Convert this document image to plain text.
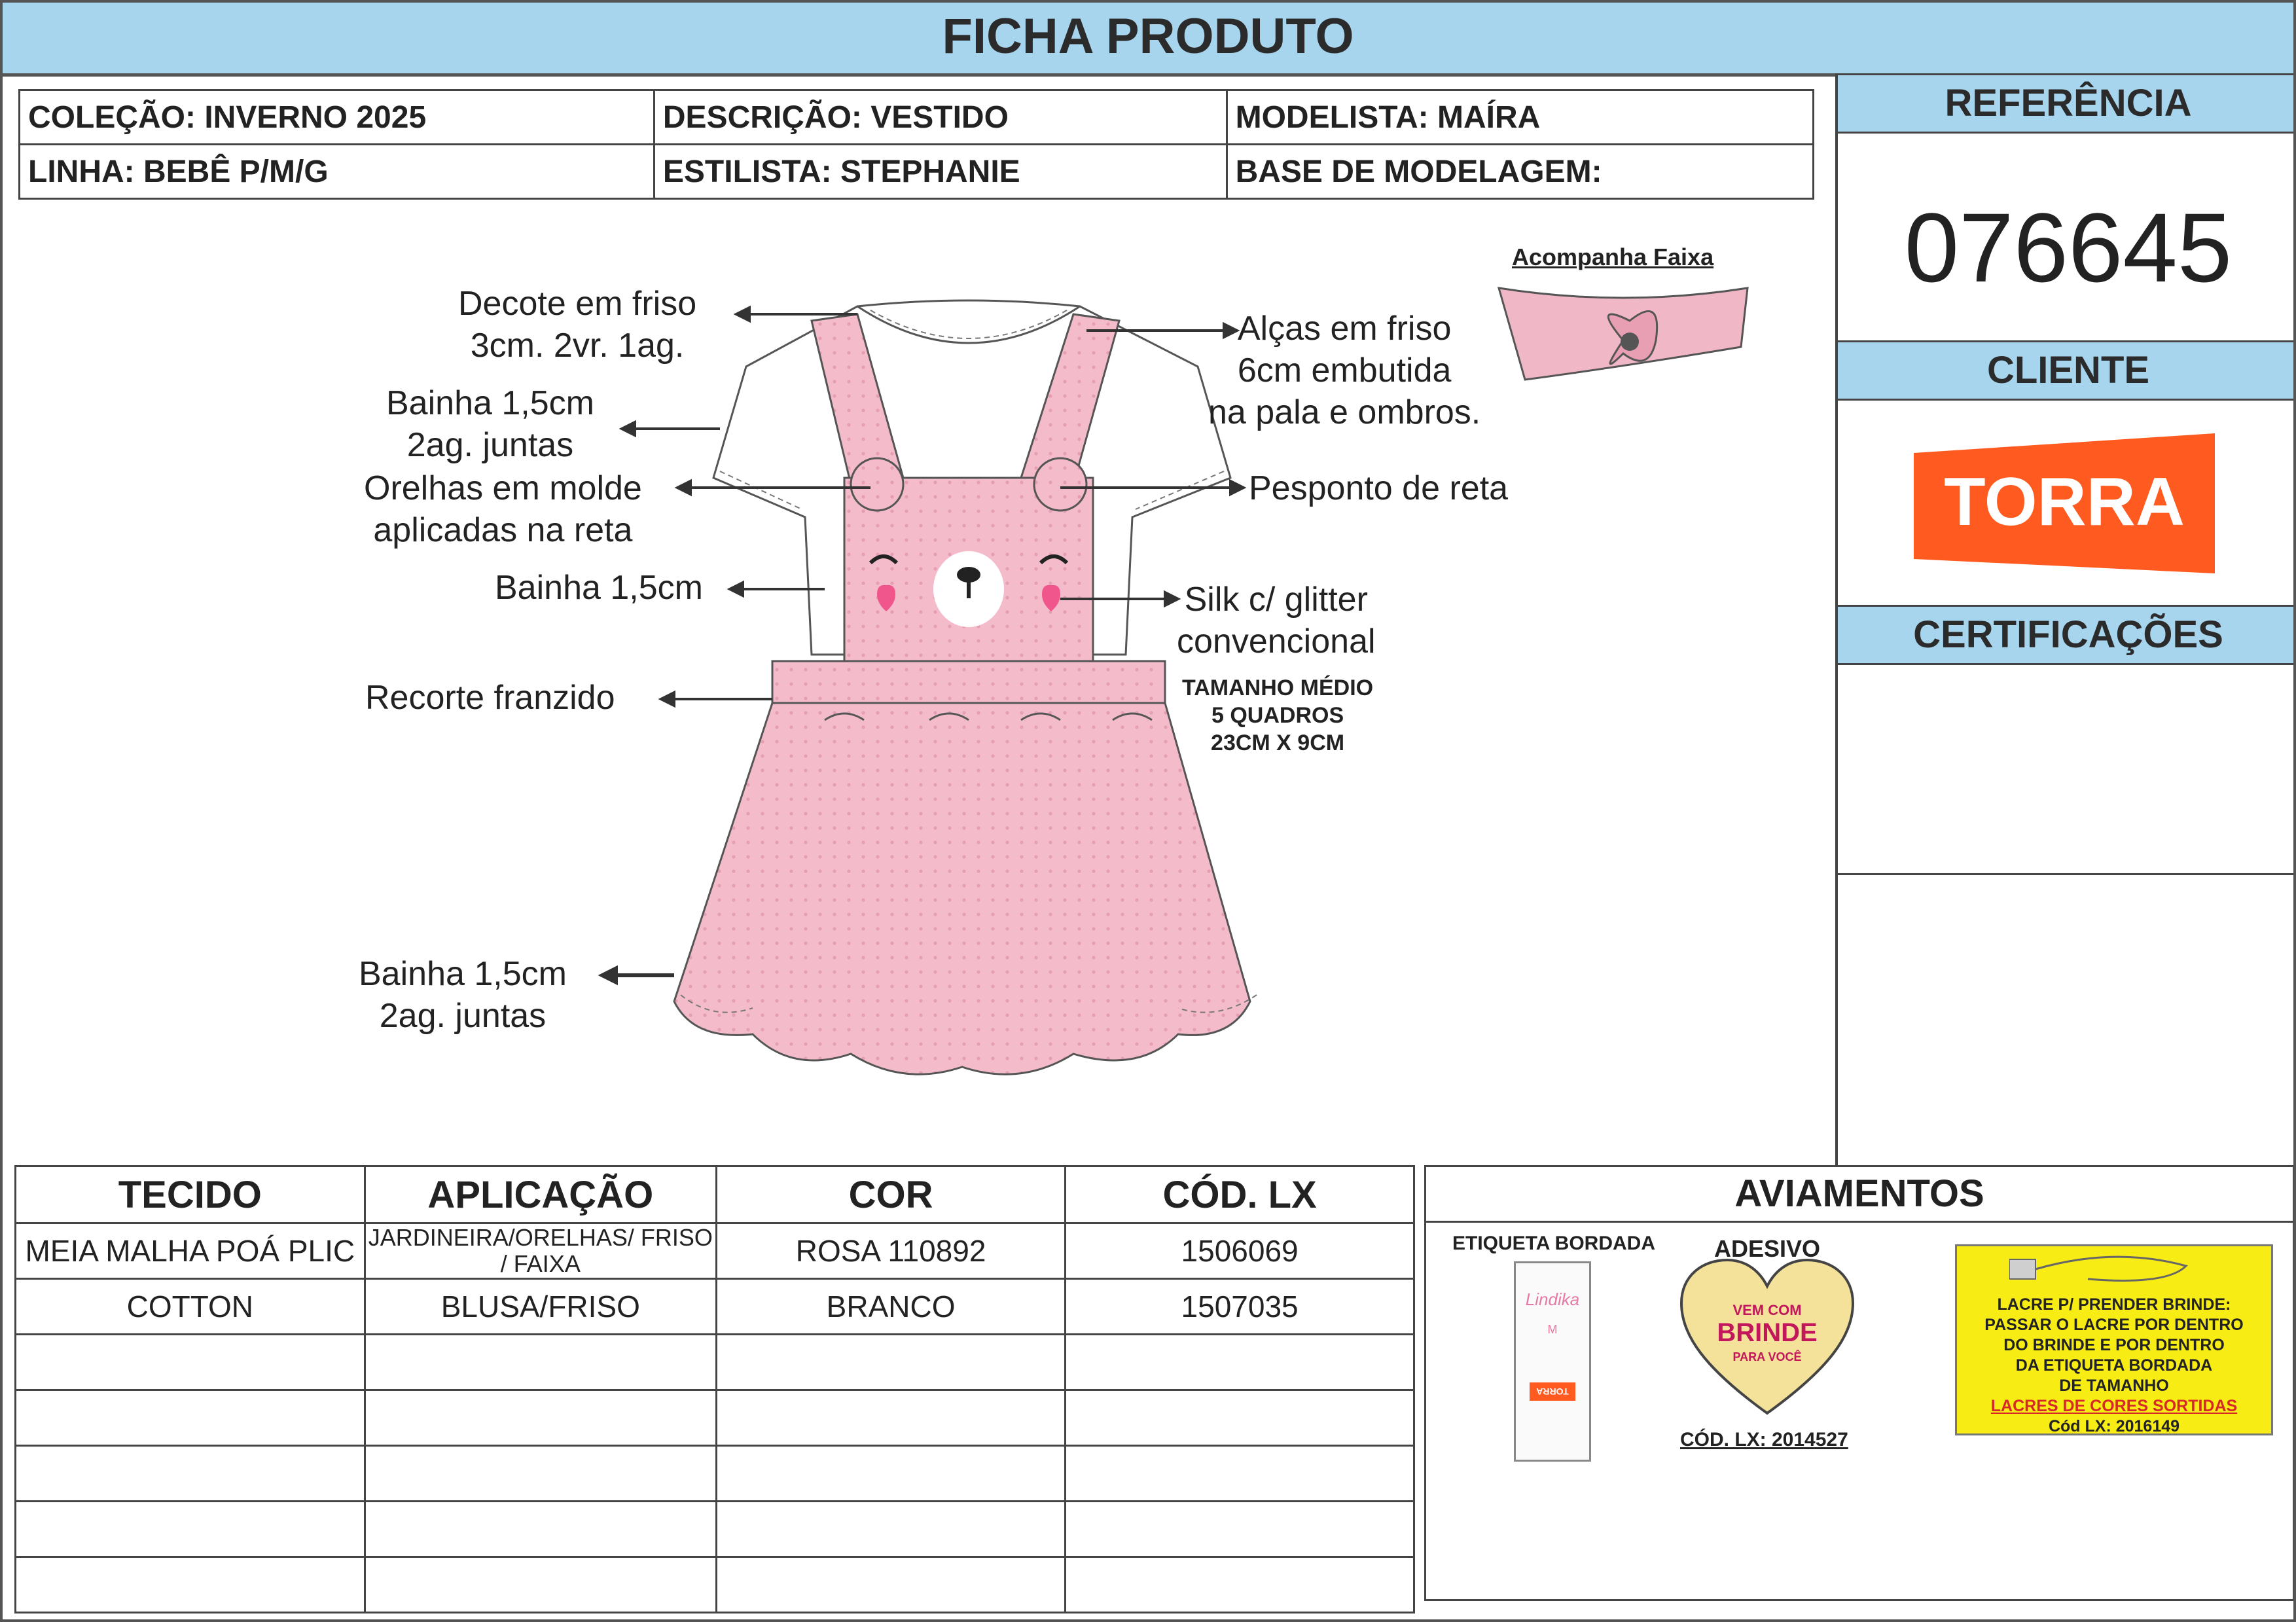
FICHA PRODUTO
COLEÇÃO: INVERNO 2025	DESCRIÇÃO: VESTIDO	MODELISTA: MAÍRA
LINHA: BEBÊ P/M/G	ESTILISTA: STEPHANIE	BASE DE MODELAGEM:
REFERÊNCIA
076645
CLIENTE
TORRA
CERTIFICAÇÕES
Acompanha Faixa
Decote em friso
3cm. 2vr. 1ag.
Bainha 1,5cm
2ag. juntas
Orelhas em molde
aplicadas na reta
Bainha 1,5cm
Recorte franzido
Bainha 1,5cm
2ag. juntas
Alças em friso
6cm embutida
na pala e ombros.
Pesponto de reta
Silk c/ glitter
convencional
TAMANHO MÉDIO
5 QUADROS
23CM X 9CM
TECIDO	APLICAÇÃO	COR	CÓD. LX
MEIA MALHA POÁ PLIC	JARDINEIRA/ORELHAS/ FRISO / FAIXA	ROSA 110892	1506069
COTTON	BLUSA/FRISO	BRANCO	1507035

AVIAMENTOS
ETIQUETA BORDADA
Lindika
M
TORRA
ADESIVO
VEM COM
BRINDE
PARA VOCÊ
CÓD. LX: 2014527
LACRE P/ PRENDER BRINDE:
PASSAR O LACRE POR DENTRO
DO BRINDE E POR DENTRO
DA ETIQUETA BORDADA
DE TAMANHO
LACRES DE CORES SORTIDAS
Cód LX: 2016149
